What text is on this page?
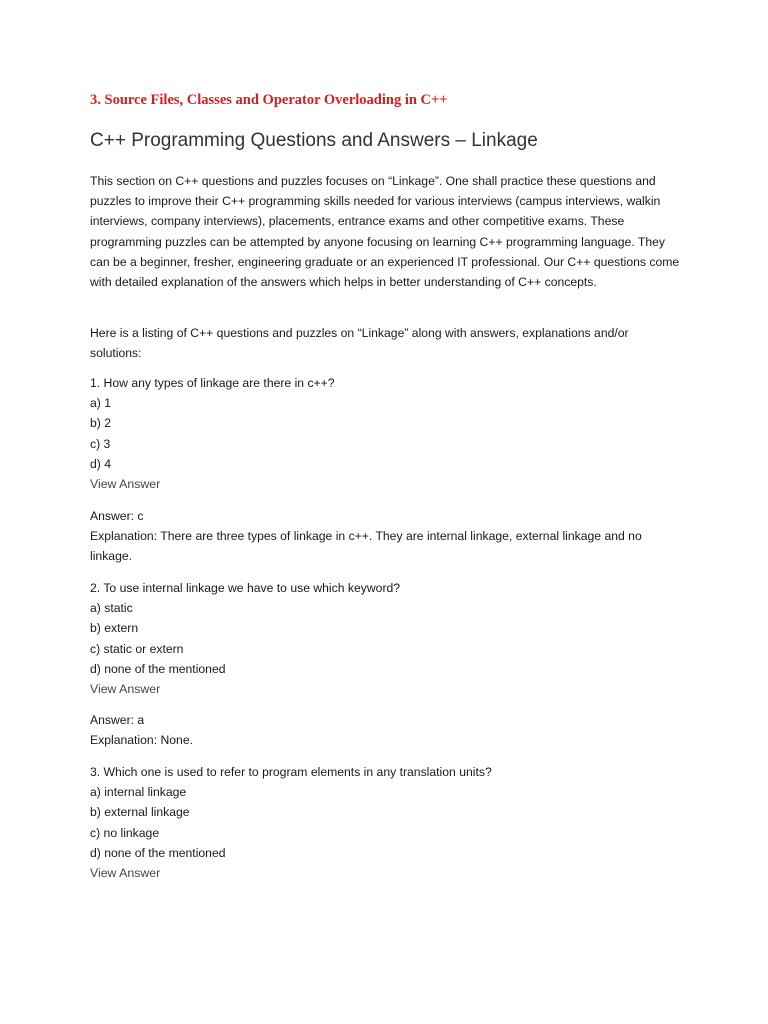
3. Source Files, Classes and Operator Overloading in C++
C++ Programming Questions and Answers – Linkage

This section on C++ questions and puzzles focuses on “Linkage”. One shall practice these questions and puzzles to improve their C++ programming skills needed for various interviews (campus interviews, walkin interviews, company interviews), placements, entrance exams and other competitive exams. These programming puzzles can be attempted by anyone focusing on learning C++ programming language. They can be a beginner, fresher, engineering graduate or an experienced IT professional. Our C++ questions come with detailed explanation of the answers which helps in better understanding of C++ concepts.

Here is a listing of C++ questions and puzzles on “Linkage” along with answers, explanations and/or solutions:

1. How any types of linkage are there in c++?
a) 1
b) 2
c) 3
d) 4
View Answer
Answer: c
Explanation: There are three types of linkage in c++. They are internal linkage, external linkage and no linkage.
2. To use internal linkage we have to use which keyword?
a) static
b) extern
c) static or extern
d) none of the mentioned
View Answer
Answer: a
Explanation: None.
3. Which one is used to refer to program elements in any translation units?
a) internal linkage
b) external linkage
c) no linkage
d) none of the mentioned
View Answer
